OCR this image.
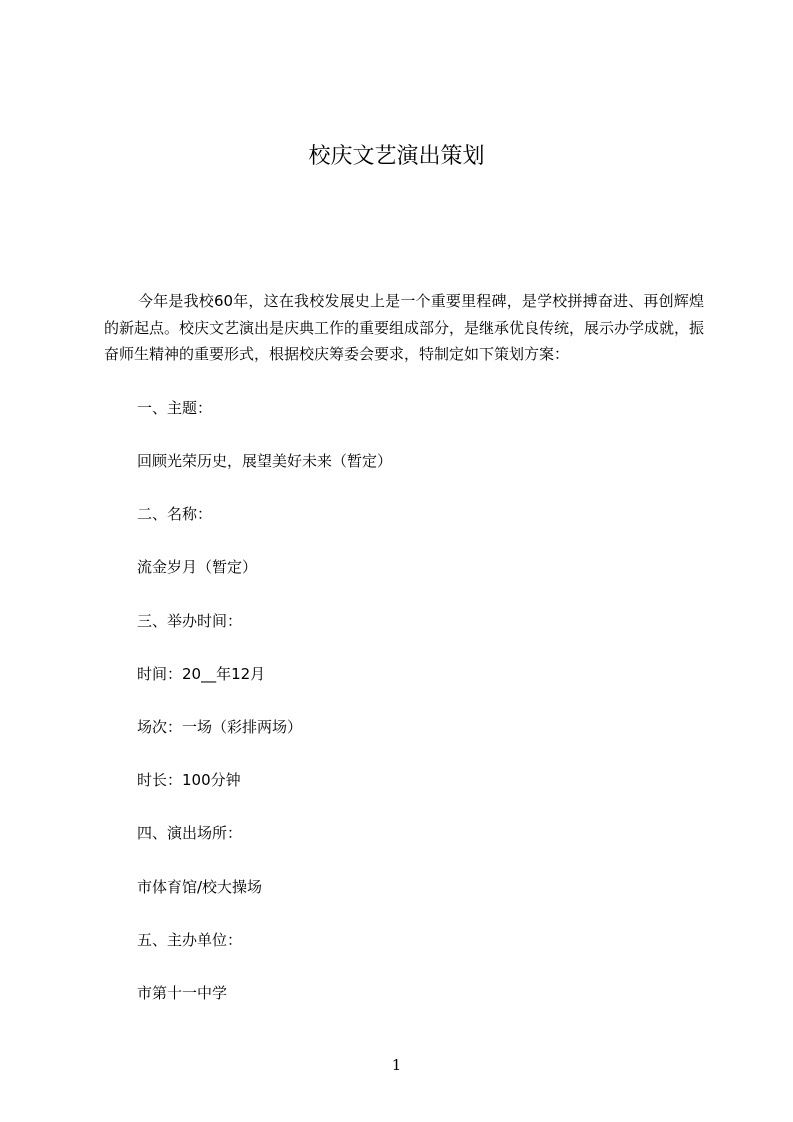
校庆文艺演出策划

今年是我校60年，这在我校发展史上是一个重要里程碑，是学校拼搏奋进、再创辉煌的新起点。校庆文艺演出是庆典工作的重要组成部分，是继承优良传统，展示办学成就，振奋师生精神的重要形式，根据校庆筹委会要求，特制定如下策划方案：

一、主题：
回顾光荣历史，展望美好未来（暂定）
二、名称：
流金岁月（暂定）
三、举办时间：
时间：20__年12月
场次：一场（彩排两场）
时长：100分钟
四、演出场所：
市体育馆/校大操场
五、主办单位：
市第十一中学
1
